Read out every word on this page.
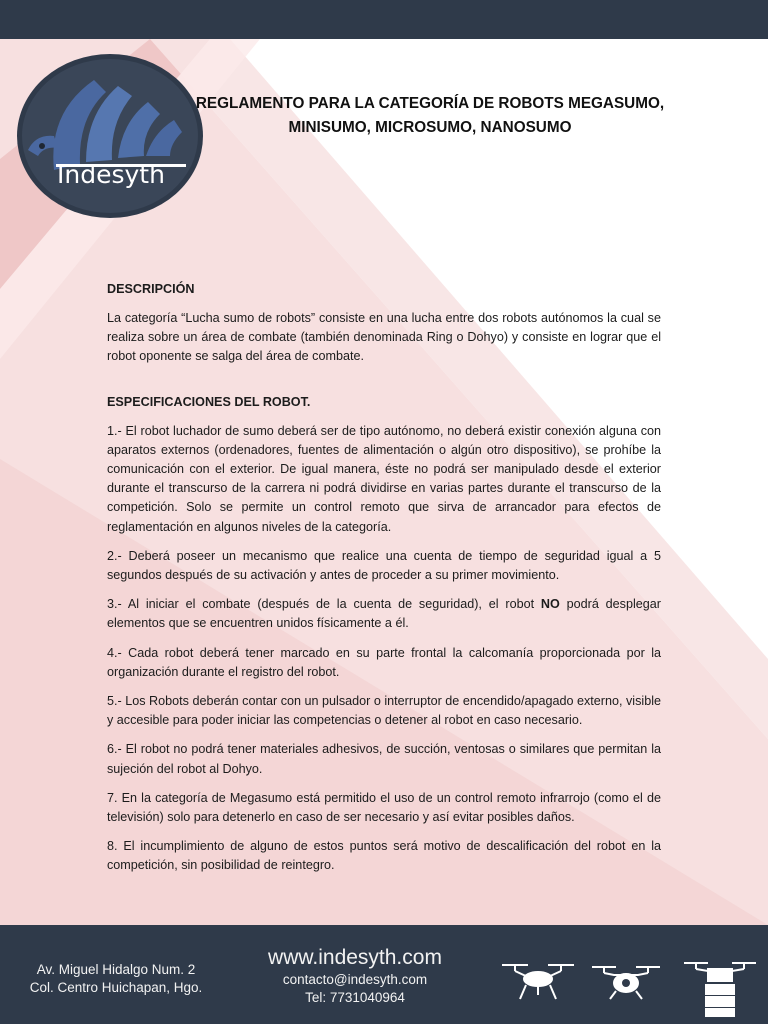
Indesyth
REGLAMENTO PARA LA CATEGORÍA DE ROBOTS MEGASUMO,
MINISUMO, MICROSUMO, NANOSUMO
DESCRIPCIÓN

La categoría “Lucha sumo de robots” consiste en una lucha entre dos robots autónomos la cual se realiza sobre un área de combate (también denominada Ring o Dohyo) y consiste en lograr que el robot oponente se salga del área de combate.

ESPECIFICACIONES DEL ROBOT.

1.- El robot luchador de sumo deberá ser de tipo autónomo, no deberá existir conexión alguna con aparatos externos (ordenadores, fuentes de alimentación o algún otro dispositivo), se prohíbe la comunicación con el exterior. De igual manera, éste no podrá ser manipulado desde el exterior durante el transcurso de la carrera ni podrá dividirse en varias partes durante el transcurso de la competición. Solo se permite un control remoto que sirva de arrancador para efectos de reglamentación en algunos niveles de la categoría.

2.- Deberá poseer un mecanismo que realice una cuenta de tiempo de seguridad igual a 5 segundos después de su activación y antes de proceder a su primer movimiento.

3.- Al iniciar el combate (después de la cuenta de seguridad), el robot NO podrá desplegar elementos que se encuentren unidos físicamente a él.

4.- Cada robot deberá tener marcado en su parte frontal la calcomanía proporcionada por la organización durante el registro del robot.

5.- Los Robots deberán contar con un pulsador o interruptor de encendido/apagado externo, visible y accesible para poder iniciar las competencias o detener al robot en caso necesario.

6.- El robot no podrá tener materiales adhesivos, de succión, ventosas o similares que permitan la sujeción del robot al Dohyo.

7. En la categoría de Megasumo está permitido el uso de un control remoto infrarrojo (como el de televisión) solo para detenerlo en caso de ser necesario y así evitar posibles daños.

8. El incumplimiento de alguno de estos puntos será motivo de descalificación del robot en la competición, sin posibilidad de reintegro.

Av. Miguel Hidalgo Num. 2
Col. Centro Huichapan, Hgo.
www.indesyth.com
contacto@indesyth.com
Tel: 7731040964
